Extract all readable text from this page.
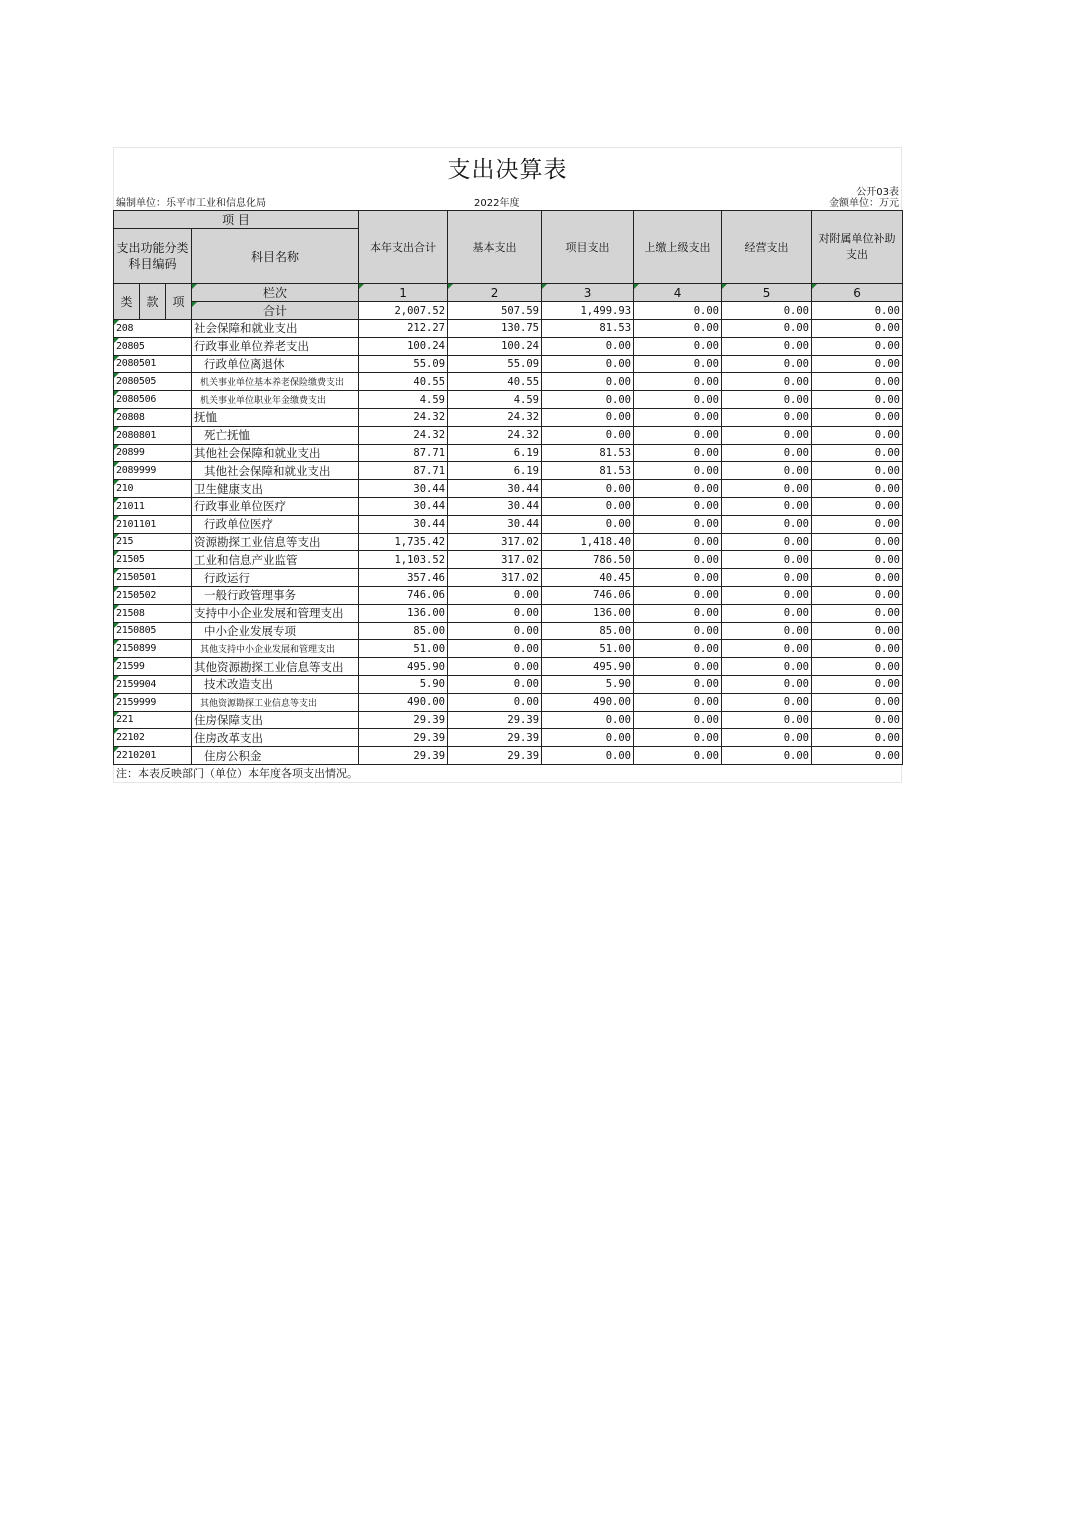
支出决算表
编制单位：乐平市工业和信息化局	2022年度
公开03表
金额单位：万元
项 目				本年支出合计	基本支出	项目支出	上缴上级支出	经营支出	对附属单位补助支出
支出功能分类科目编码			科目名称						
类	款	项	栏次	1	2	3	4	5	6
			合计	2,007.52	507.59	1,499.93	0.00	0.00	0.00
208			社会保障和就业支出	212.27	130.75	81.53	0.00	0.00	0.00
20805			行政事业单位养老支出	100.24	100.24	0.00	0.00	0.00	0.00
2080501			行政单位离退休	55.09	55.09	0.00	0.00	0.00	0.00
2080505			机关事业单位基本养老保险缴费支出	40.55	40.55	0.00	0.00	0.00	0.00
2080506			机关事业单位职业年金缴费支出	4.59	4.59	0.00	0.00	0.00	0.00
20808			抚恤	24.32	24.32	0.00	0.00	0.00	0.00
2080801			死亡抚恤	24.32	24.32	0.00	0.00	0.00	0.00
20899			其他社会保障和就业支出	87.71	6.19	81.53	0.00	0.00	0.00
2089999			其他社会保障和就业支出	87.71	6.19	81.53	0.00	0.00	0.00
210			卫生健康支出	30.44	30.44	0.00	0.00	0.00	0.00
21011			行政事业单位医疗	30.44	30.44	0.00	0.00	0.00	0.00
2101101			行政单位医疗	30.44	30.44	0.00	0.00	0.00	0.00
215			资源勘探工业信息等支出	1,735.42	317.02	1,418.40	0.00	0.00	0.00
21505			工业和信息产业监管	1,103.52	317.02	786.50	0.00	0.00	0.00
2150501			行政运行	357.46	317.02	40.45	0.00	0.00	0.00
2150502			一般行政管理事务	746.06	0.00	746.06	0.00	0.00	0.00
21508			支持中小企业发展和管理支出	136.00	0.00	136.00	0.00	0.00	0.00
2150805			中小企业发展专项	85.00	0.00	85.00	0.00	0.00	0.00
2150899			其他支持中小企业发展和管理支出	51.00	0.00	51.00	0.00	0.00	0.00
21599			其他资源勘探工业信息等支出	495.90	0.00	495.90	0.00	0.00	0.00
2159904			技术改造支出	5.90	0.00	5.90	0.00	0.00	0.00
2159999			其他资源勘探工业信息等支出	490.00	0.00	490.00	0.00	0.00	0.00
221			住房保障支出	29.39	29.39	0.00	0.00	0.00	0.00
22102			住房改革支出	29.39	29.39	0.00	0.00	0.00	0.00
2210201			住房公积金	29.39	29.39	0.00	0.00	0.00	0.00
注：本表反映部门（单位）本年度各项支出情况。
